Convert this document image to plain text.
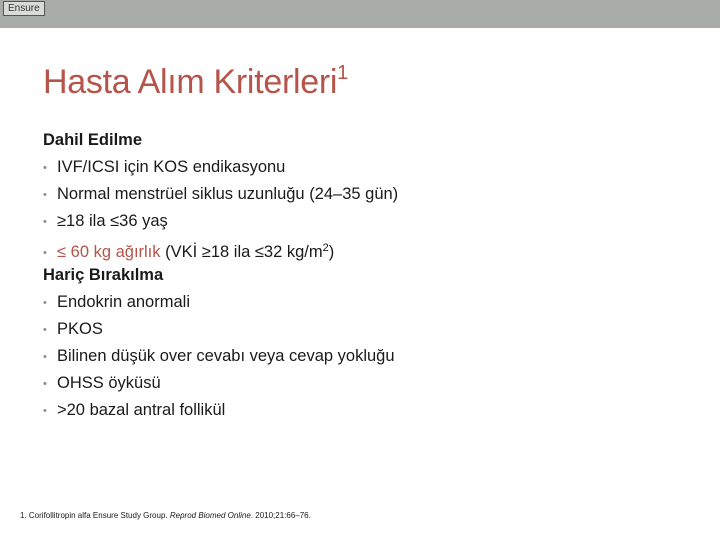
Ensure
Hasta Alım Kriterleri$^1$
Dahil Edilme
• IVF/ICSI için KOS endikasyonu
• Normal menstrüel siklus uzunluğu (24–35 gün)
• ≥18 ila ≤36 yaş
• ≤ 60 kg ağırlık (VKİ ≥18 ila ≤32 $kg/m^2$)
Hariç Bırakılma
• Endokrin anormali
• PKOS
• Bilinen düşük over cevabı veya cevap yokluğu
• OHSS öyküsü
• >20 bazal antral follikül
1. Corifollitropin alfa Ensure Study Group. Reprod Biomed Online. 2010;21:66–76.
